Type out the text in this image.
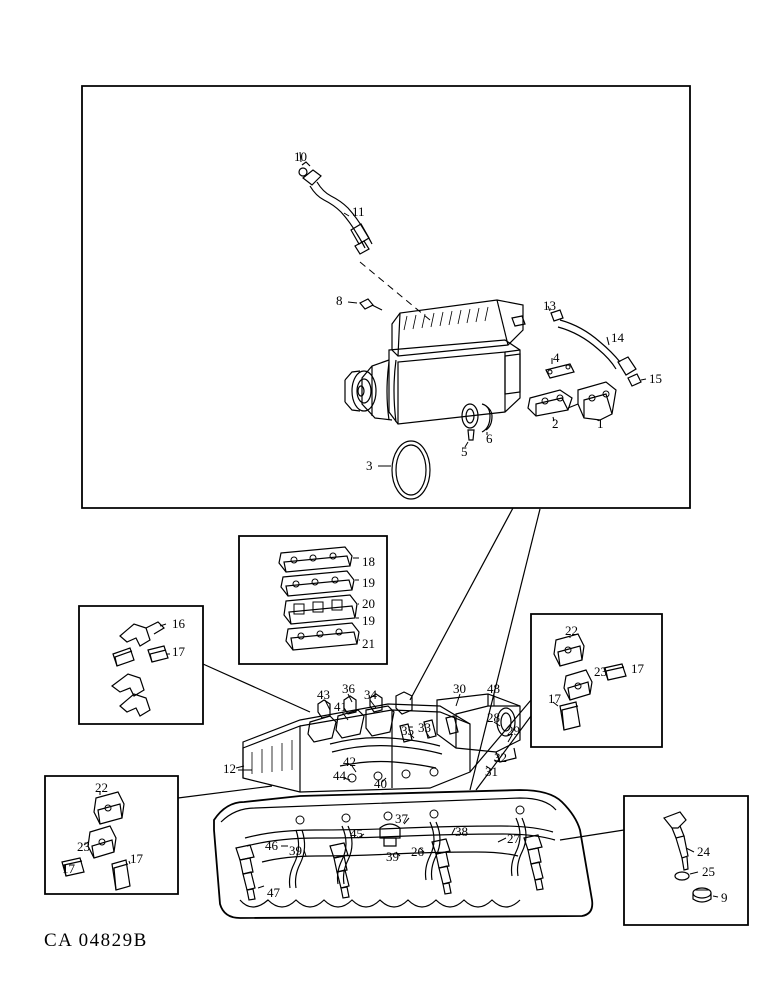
10
11
8	13
14
4
15
2	1
5
6
3
18
19
20
19
21
16
17
22
23 17
17
43 36 34	30 48
41
35 33
28
29
12	42
44
40
31
32
22
23
17
17
37
38	27
45
46 39	39 26
47
24
25
9
CA 04829B
